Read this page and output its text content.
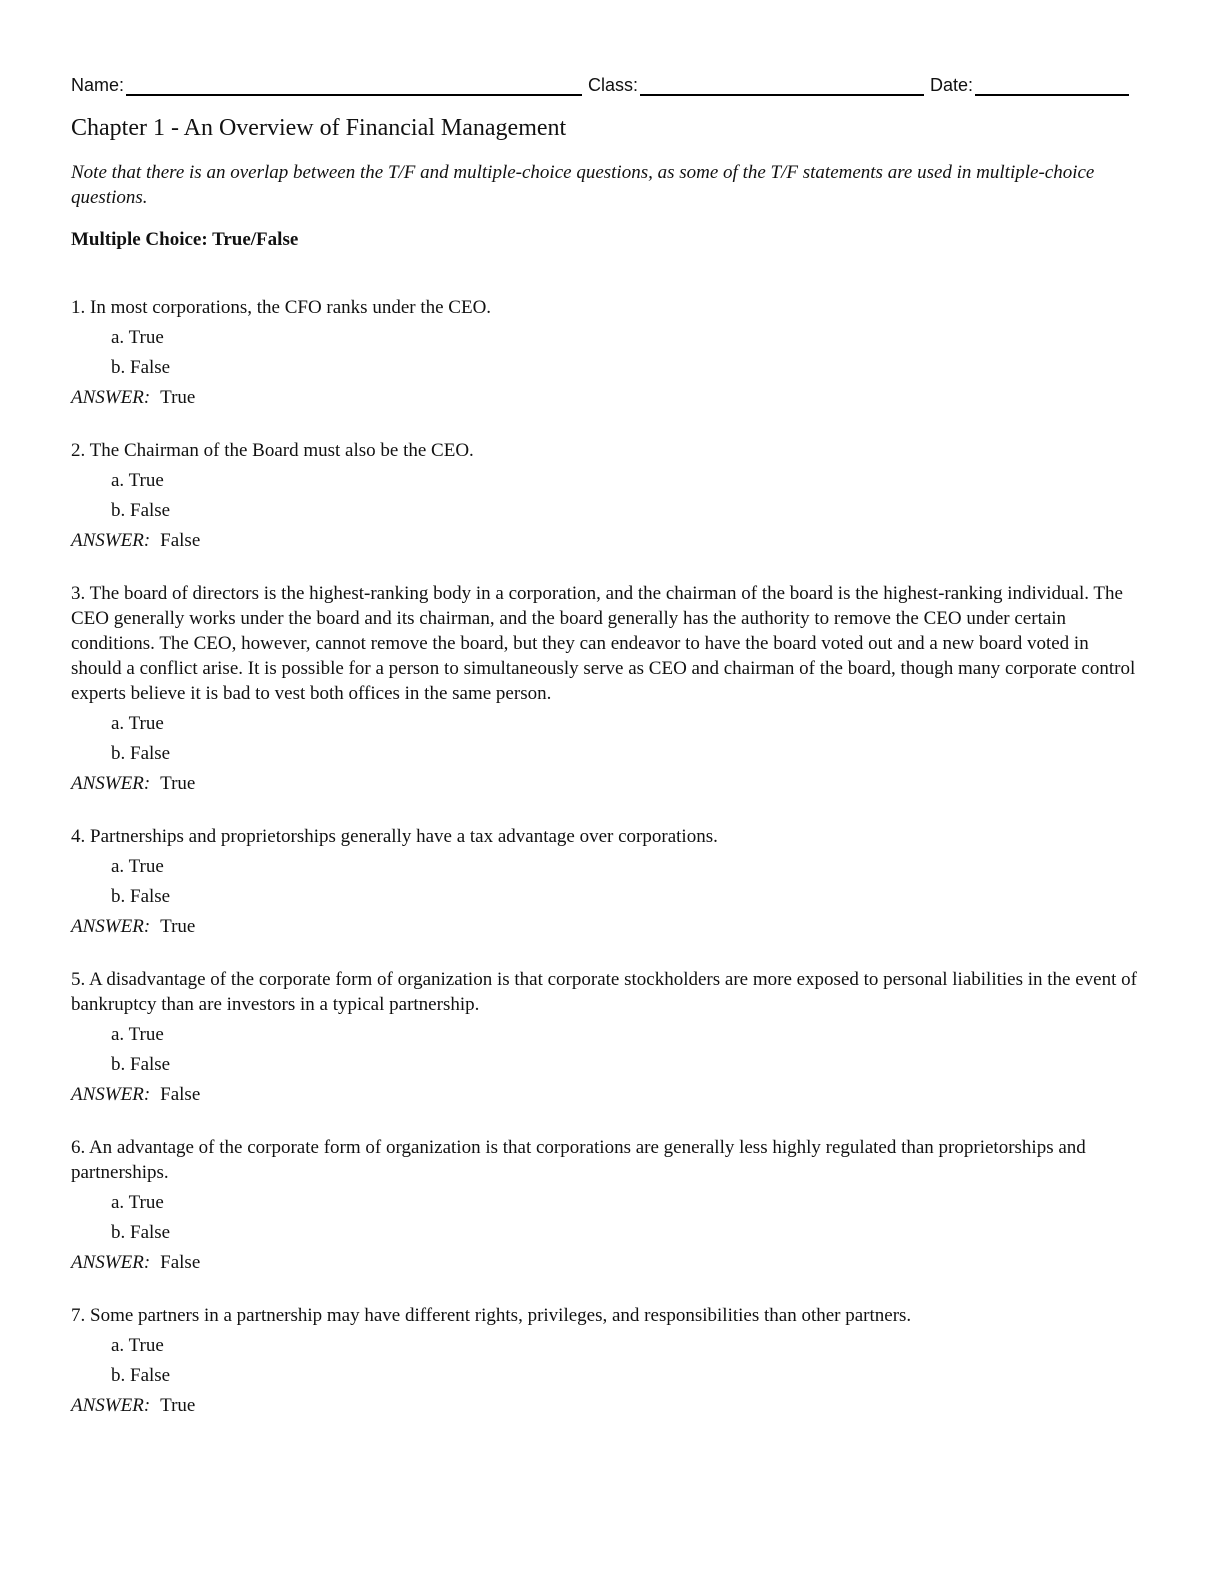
Name:	Class:	Date:
Chapter 1 - An Overview of Financial Management
Note that there is an overlap between the T/F and multiple-choice questions, as some of the T/F statements are used in multiple-choice questions.
Multiple Choice: True/False
1. In most corporations, the CFO ranks under the CEO.
a. True
b. False
ANSWER: True
2. The Chairman of the Board must also be the CEO.
a. True
b. False
ANSWER: False
3. The board of directors is the highest-ranking body in a corporation, and the chairman of the board is the highest-ranking individual. The CEO generally works under the board and its chairman, and the board generally has the authority to remove the CEO under certain conditions. The CEO, however, cannot remove the board, but they can endeavor to have the board voted out and a new board voted in should a conflict arise. It is possible for a person to simultaneously serve as CEO and chairman of the board, though many corporate control experts believe it is bad to vest both offices in the same person.
a. True
b. False
ANSWER: True
4. Partnerships and proprietorships generally have a tax advantage over corporations.
a. True
b. False
ANSWER: True
5. A disadvantage of the corporate form of organization is that corporate stockholders are more exposed to personal liabilities in the event of bankruptcy than are investors in a typical partnership.
a. True
b. False
ANSWER: False
6. An advantage of the corporate form of organization is that corporations are generally less highly regulated than proprietorships and partnerships.
a. True
b. False
ANSWER: False
7. Some partners in a partnership may have different rights, privileges, and responsibilities than other partners.
a. True
b. False
ANSWER: True
